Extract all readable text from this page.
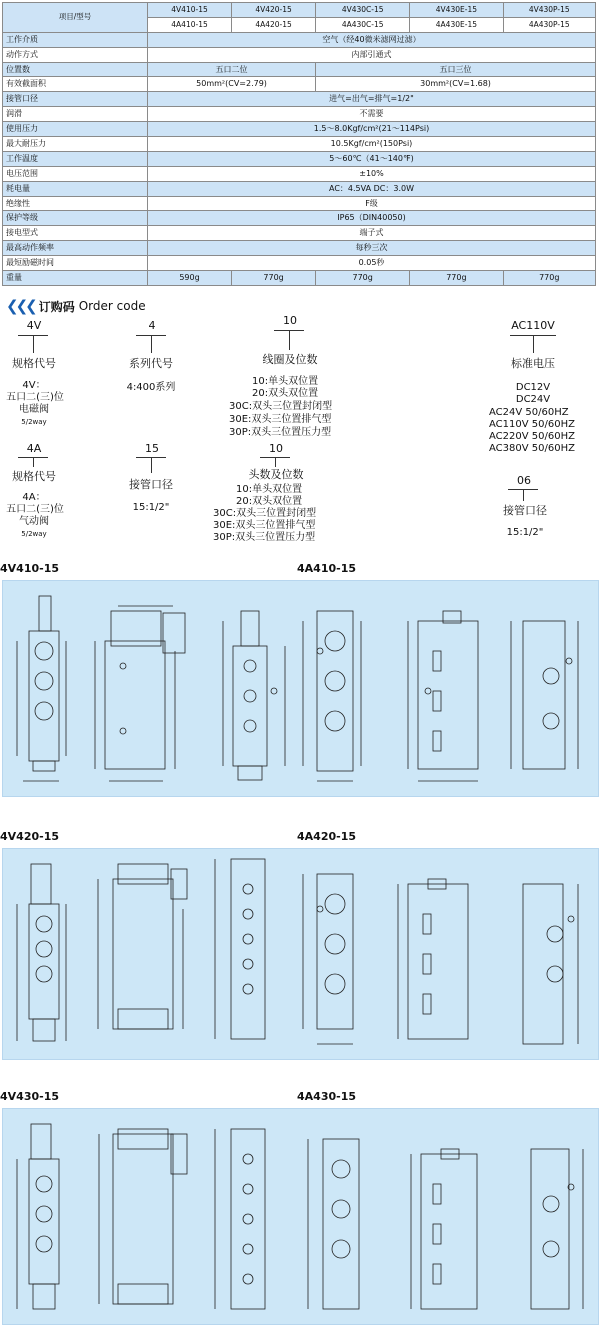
项目/型号	4V410-15	4V420-15	4V430C-15	4V430E-15	4V430P-15
	4A410-15	4A420-15	4A430C-15	4A430E-15	4A430P-15
工作介质	空气（经40微米滤网过滤）				
动作方式	内部引通式				
位置数	五口二位		五口三位		
有效截面积	50mm²(CV=2.79)		30mm²(CV=1.68)		
接管口径	进气=出气=排气=1/2"				
润滑	不需要				
使用压力	1.5～8.0Kgf/cm²(21～114Psi)				
最大耐压力	10.5Kgf/cm²(150Psi)				
工作温度	5～60℃（41～140℉)				
电压范围	±10%				
耗电量	AC：4.5VA DC：3.0W				
绝缘性	F级				
保护等级	IP65（DIN40050)				
接电型式	端子式				
最高动作频率	每秒三次				
最短励磁时间	0.05秒				
重量	590g	770g	770g	770g	770g
❮❮❮ 订购码 Order code
4V
规格代号
4V：
五口二(三)位
电磁阀
5/2way
4
系列代号
4:400系列
10
线圈及位数
10:单头双位置
20:双头双位置
30C:双头三位置封闭型
30E:双头三位置排气型
30P:双头三位置压力型
AC110V
标准电压
DC12V
DC24V
AC24V 50/60HZ
AC110V 50/60HZ
AC220V 50/60HZ
AC380V 50/60HZ
4A
规格代号
4A：
五口二(三)位
气动阀
5/2way
15
接管口径
15:1/2"
10
头数及位数
10:单头双位置
20:双头双位置
30C:双头三位置封闭型
30E:双头三位置排气型
30P:双头三位置压力型
06
接管口径
15:1/2"
4V410-15	4A410-15
4V420-15	4A420-15
4V430-15	4A430-15
